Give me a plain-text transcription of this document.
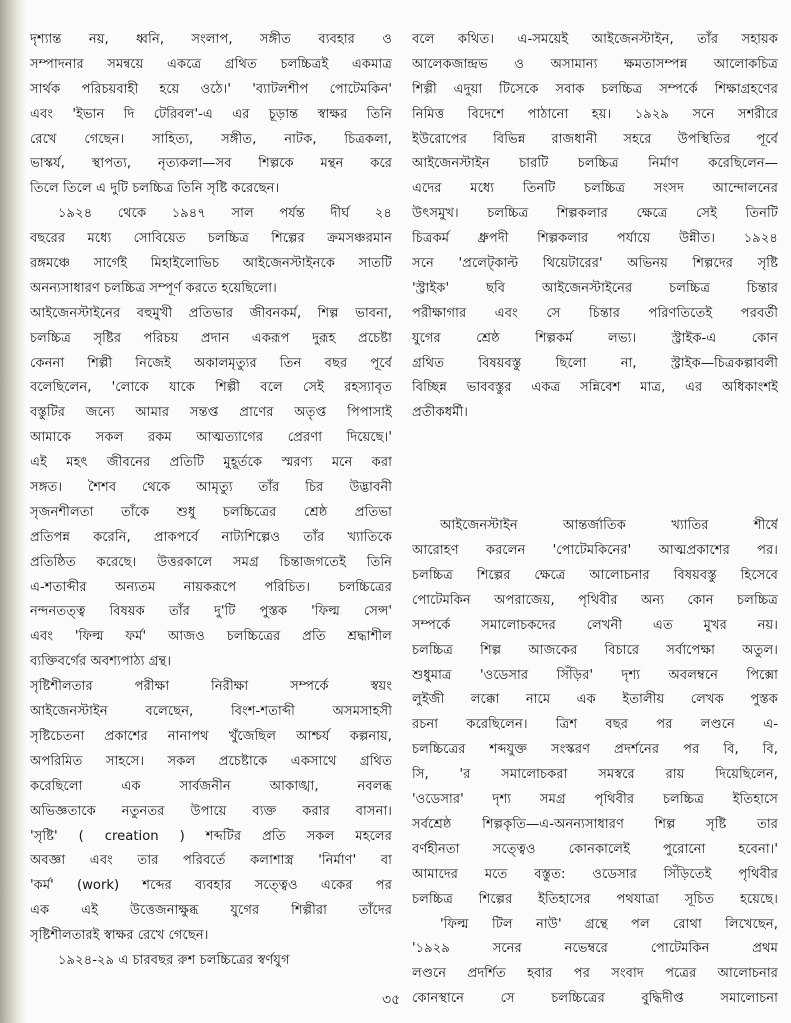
দৃশ্যান্ত নয়, ধ্বনি, সংলাপ, সঙ্গীত ব্যবহার ও
সম্পাদনার সমন্বয়ে একত্রে গ্রথিত চলচ্চিত্রই একমাত্র
সার্থক পরিচয়বাহী হয়ে ওঠে।' 'ব্যাটলশীপ পোটেমকিন'
এবং 'ইভান দি টেরিবল'-এ এর চূড়ান্ত স্বাক্ষর তিনি
রেখে গেছেন। সাহিত্য, সঙ্গীত, নাটক, চিত্রকলা,
ভাস্কর্য, স্থাপত্য, নৃত্যকলা—সব শিল্পকে মন্থন করে
তিলে তিলে এ দুটি চলচ্চিত্র তিনি সৃষ্টি করেছেন।
১৯২৪ থেকে ১৯৪৭ সাল পর্যন্ত দীর্ঘ ২৪
বছরের মধ্যে সোবিয়েত চলচ্চিত্র শিল্পের ক্রমসঞ্চরমান
রঙ্গমঞ্চে সার্গেই মিহাইলোভিচ আইজেনস্টাইনকে সাতটি
অনন্যসাধারণ চলচ্চিত্র সম্পূর্ণ করতে হয়েছিলো।
আইজেনস্টাইনের বহুমুখী প্রতিভার জীবনকর্ম, শিল্প ভাবনা,
চলচ্চিত্র সৃষ্টির পরিচয় প্রদান একরূপ দুরূহ প্রচেষ্টা
কেননা শিল্পী নিজেই অকালমৃত্যুর তিন বছর পূর্বে
বলেছিলেন, 'লোকে যাকে শিল্পী বলে সেই রহস্যাবৃত
বস্তুটির জন্যে আমার সন্তপ্ত প্রাণের অতৃপ্ত পিপাসাই
আমাকে সকল রকম আত্মত্যাগের প্রেরণা দিয়েছে।'
এই মহৎ জীবনের প্রতিটি মুহূর্তকে স্মরণ্য মনে করা
সঙ্গত। শৈশব থেকে আমৃত্যু তাঁর চির উদ্ভাবনী
সৃজনশীলতা তাঁকে শুধু চলচ্চিত্রের শ্রেষ্ঠ প্রতিভা
প্রতিপন্ন করেনি, প্রাকপর্বে নাট্যশিল্পেও তাঁর খ্যাতিকে
প্রতিষ্ঠিত করেছে। উত্তরকালে সমগ্র চিন্তাজগতেই তিনি
এ-শতাব্দীর অন্যতম নায়করূপে পরিচিত। চলচ্চিত্রের
নন্দনতত্ত্ব বিষয়ক তাঁর দু'টি পুস্তক 'ফিল্ম সেন্স'
এবং 'ফিল্ম ফর্ম' আজও চলচ্চিত্রের প্রতি শ্রদ্ধাশীল
ব্যক্তিবর্গের অবশ্যপাঠ্য গ্রন্থ।
সৃষ্টিশীলতার পরীক্ষা নিরীক্ষা সম্পর্কে স্বয়ং
আইজেনস্টাইন বলেছেন, বিংশ-শতাব্দী অসমসাহসী
সৃষ্টিচেতনা প্রকাশের নানাপথ খুঁজেছিল আশ্চর্য কল্পনায়,
অপরিমিত সাহসে। সকল প্রচেষ্টাকে একসাথে গ্রথিত
করেছিলো এক সার্বজনীন আকাঙ্খা, নবলব্ধ
অভিজ্ঞতাকে নতুনতর উপায়ে ব্যক্ত করার বাসনা।
'সৃষ্টি' ( creation ) শব্দটির প্রতি সকল মহলের
অবজ্ঞা এবং তার পরিবর্তে কলাশাস্ত্র 'নির্মাণ' বা
'কর্ম' (work) শব্দের ব্যবহার সত্ত্বেও একের পর
এক এই উত্তেজনাক্ষুব্ধ যুগের শিল্পীরা তাঁদের
সৃষ্টিশীলতারই স্বাক্ষর রেখে গেছেন।
১৯২৪-২৯ এ চারবছর রুশ চলচ্চিত্রের স্বর্ণযুগ
বলে কথিত। এ-সময়েই আইজেনস্টাইন, তাঁর সহায়ক
আলেকজান্দ্রভ ও অসামান্য ক্ষমতাসম্পন্ন আলোকচিত্র
শিল্পী এদুয়া টিসেকে সবাক চলচ্চিত্র সম্পর্কে শিক্ষাগ্রহণের
নিমিত্ত বিদেশে পাঠানো হয়। ১৯২৯ সনে সশরীরে
ইউরোপের বিভিন্ন রাজধানী সহরে উপস্থিতির পূর্বে
আইজেনস্টাইন চারটি চলচ্চিত্র নির্মাণ করেছিলেন—
এদের মধ্যে তিনটি চলচ্চিত্র সংসদ আন্দোলনের
উৎসমুখ। চলচ্চিত্র শিল্পকলার ক্ষেত্রে সেই তিনটি
চিত্রকর্ম ধ্রুপদী শিল্পকলার পর্যায়ে উন্নীত। ১৯২৪
সনে 'প্রলেট্‌কাল্ট থিয়েটারের' অভিনয় শিল্পদের সৃষ্টি
'স্ট্রাইক' ছবি আইজেনস্টাইনের চলচ্চিত্র চিন্তার
পরীক্ষাগার এবং সে চিন্তার পরিণতিতেই পরবর্তী
যুগের শ্রেষ্ঠ শিল্পকর্ম লভ্য। স্ট্রাইক-এ কোন
গ্রথিত বিষয়বস্তু ছিলো না, স্ট্রাইক—চিত্রকল্পাবলী
বিচ্ছিন্ন ভাববস্তুর একত্র সন্নিবেশ মাত্র, এর অধিকাংশই
প্রতীকধর্মী।
আইজেনস্টাইন আন্তর্জাতিক খ্যাতির শীর্ষে
আরোহণ করলেন 'পোটেমকিনের' আত্মপ্রকাশের পর।
চলচ্চিত্র শিল্পের ক্ষেত্রে আলোচনার বিষয়বস্তু হিসেবে
পোটেমকিন অপরাজেয়, পৃথিবীর অন্য কোন চলচ্চিত্র
সম্পর্কে সমালোচকদের লেখনী এত মুখর নয়।
চলচ্চিত্র শিল্প আজকের বিচারে সর্বাপেক্ষা অতুল।
শুধুমাত্র 'ওডেসার সিঁড়ির' দৃশ্য অবলম্বনে পিক্সো
লুইজী লক্কো নামে এক ইতালীয় লেখক পুস্তক
রচনা করেছিলেন। ত্রিশ বছর পর লণ্ডনে এ-
চলচ্চিত্রের শব্দযুক্ত সংস্করণ প্রদর্শনের পর বি, বি,
সি, 'র সমালোচকরা সমস্বরে রায় দিয়েছিলেন,
'ওডেসার' দৃশ্য সমগ্র পৃথিবীর চলচ্চিত্র ইতিহাসে
সর্বশ্রেষ্ঠ শিল্পকৃতি—এ-অনন্যসাধারণ শিল্প সৃষ্টি তার
বর্ণহীনতা সত্ত্বেও কোনকালেই পুরোনো হবেনা।'
আমাদের মতে বস্তুত: ওডেসার সিঁড়িতেই পৃথিবীর
চলচ্চিত্র শিল্পের ইতিহাসের পথযাত্রা সূচিত হয়েছে।
'ফিল্ম টিল নাউ' গ্রন্থে পল রোথা লিখেছেন,
'১৯২৯ সনের নভেম্বরে পোটেমকিন প্রথম
লণ্ডনে প্রদর্শিত হবার পর সংবাদ পত্রের আলোচনার
কোনস্থানে সে চলচ্চিত্রের বুদ্ধিদীপ্ত সমালোচনা
৩৫
